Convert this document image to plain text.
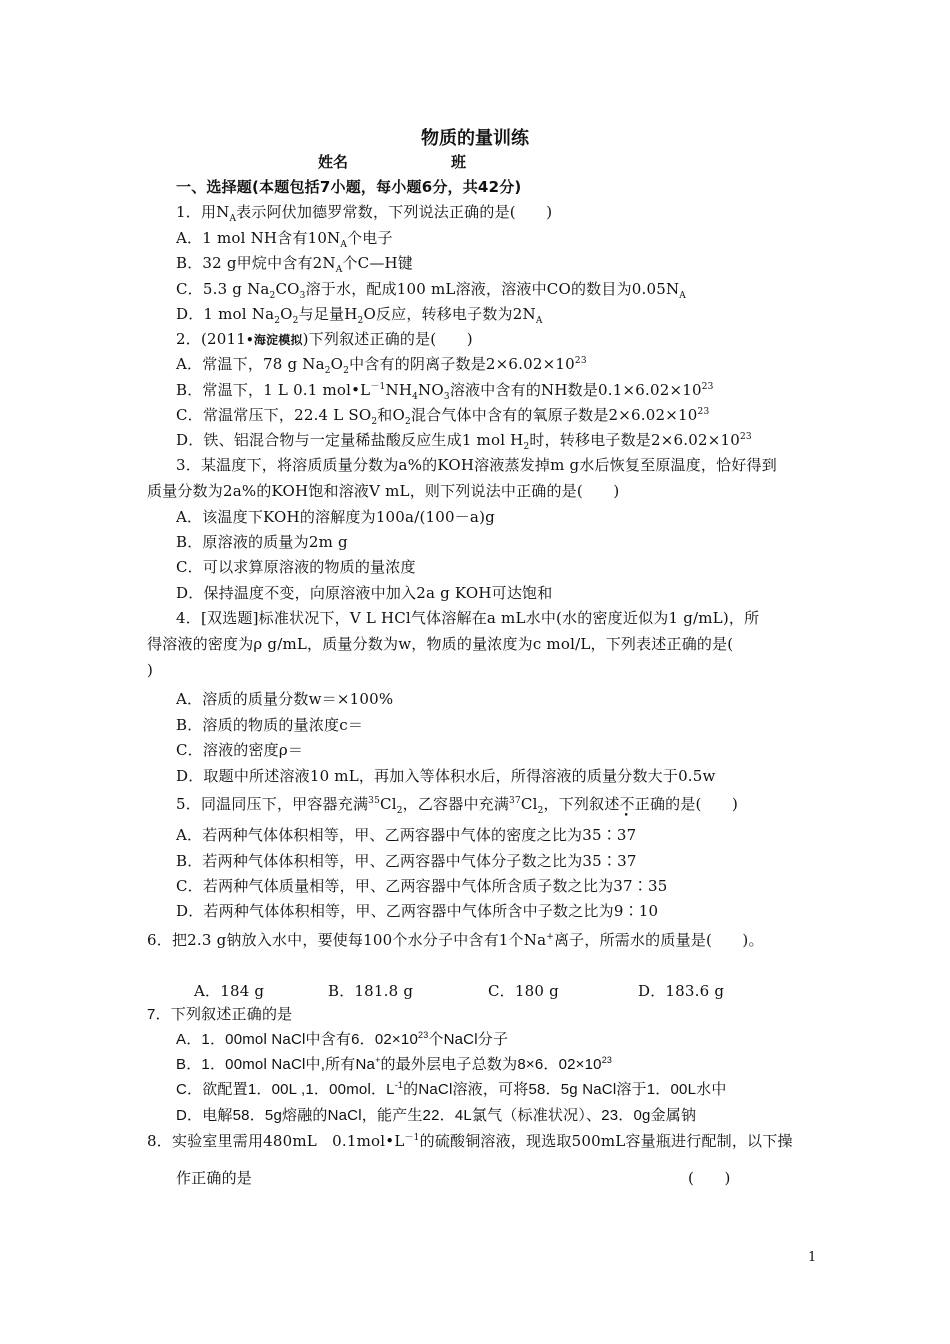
物质的量训练
姓名	班
一、选择题(本题包括7小题，每小题6分，共42分)
1．用$N_A$表示阿伏加德罗常数，下列说法正确的是(　　)
A．1 mol NH含有$10N_A$个电子
B．32 g甲烷中含有$2N_A$个C—H键
C．5.3 g $Na_2CO_3$溶于水，配成100 mL溶液，溶液中CO的数目为$0.05N_A$
D．1 mol $Na_2O_2$与足量$H_2O$反应，转移电子数为$2N_A$
2．(2011•海淀模拟)下列叙述正确的是(　　)
A．常温下，78 g $Na_2O_2$中含有的阴离子数是$2\times 6.02\times 10^{23}$
B．常温下，1 L 0.1 $mol•L^{-1}NH_4NO_3$溶液中含有的NH数是$0.1\times 6.02\times 10^{23}$
C．常温常压下，22.4 L $SO_2$和$O_2$混合气体中含有的氧原子数是$2\times 6.02\times 10^{23}$
D．铁、铝混合物与一定量稀盐酸反应生成1 mol $H_2$时，转移电子数是$2\times 6.02\times 10^{23}$
3．某温度下，将溶质质量分数为a%的KOH溶液蒸发掉m g水后恢复至原温度，恰好得到
质量分数为2a%的KOH饱和溶液V mL，则下列说法中正确的是(　　)
A．该温度下KOH的溶解度为100a/(100－a)g
B．原溶液的质量为2m g
C．可以求算原溶液的物质的量浓度
D．保持温度不变，向原溶液中加入2a g KOH可达饱和
4．[双选题]标准状况下，V L HCl气体溶解在a mL水中(水的密度近似为1 g/mL)，所
得溶液的密度为ρ g/mL，质量分数为w，物质的量浓度为c mol/L，下列表述正确的是(
)
A．溶质的质量分数w＝×100%
B．溶质的物质的量浓度c＝
C．溶液的密度ρ＝
D．取题中所述溶液10 mL，再加入等体积水后，所得溶液的质量分数大于0.5w
5．同温同压下，甲容器充满$^{35}Cl_2$，乙容器中充满$^{37}Cl_2$，下列叙述不正确的是(　　)
A．若两种气体体积相等，甲、乙两容器中气体的密度之比为35∶37
B．若两种气体体积相等，甲、乙两容器中气体分子数之比为35∶37
C．若两种气体质量相等，甲、乙两容器中气体所含质子数之比为37∶35
D．若两种气体体积相等，甲、乙两容器中气体所含中子数之比为9∶10
6．把2.3 g钠放入水中，要使每100个水分子中含有1个Na+离子，所需水的质量是(　　)。
A．184 g	B．181.8 g	C．180 g	D．183.6 g
7．下列叙述正确的是
A．1．00mol NaCl中含有6．$02\times 10^{23}$个NaCl分子
B．1．00mol NaCl中,所有Na+的最外层电子总数为8×6．$02\times 10^{23}$
C．欲配置1．00L ,1．00mol．$L^{-1}$的NaCl溶液，可将58．5g NaCl溶于1．00L水中
D．电解58．5g熔融的NaCl，能产生22．4L氯气（标准状况）、23．0g金属钠
8．实验室里需用480mL　$0.1mol•L^{-1}$的硫酸铜溶液，现选取500mL容量瓶进行配制，以下操
作正确的是	(　　)
1
